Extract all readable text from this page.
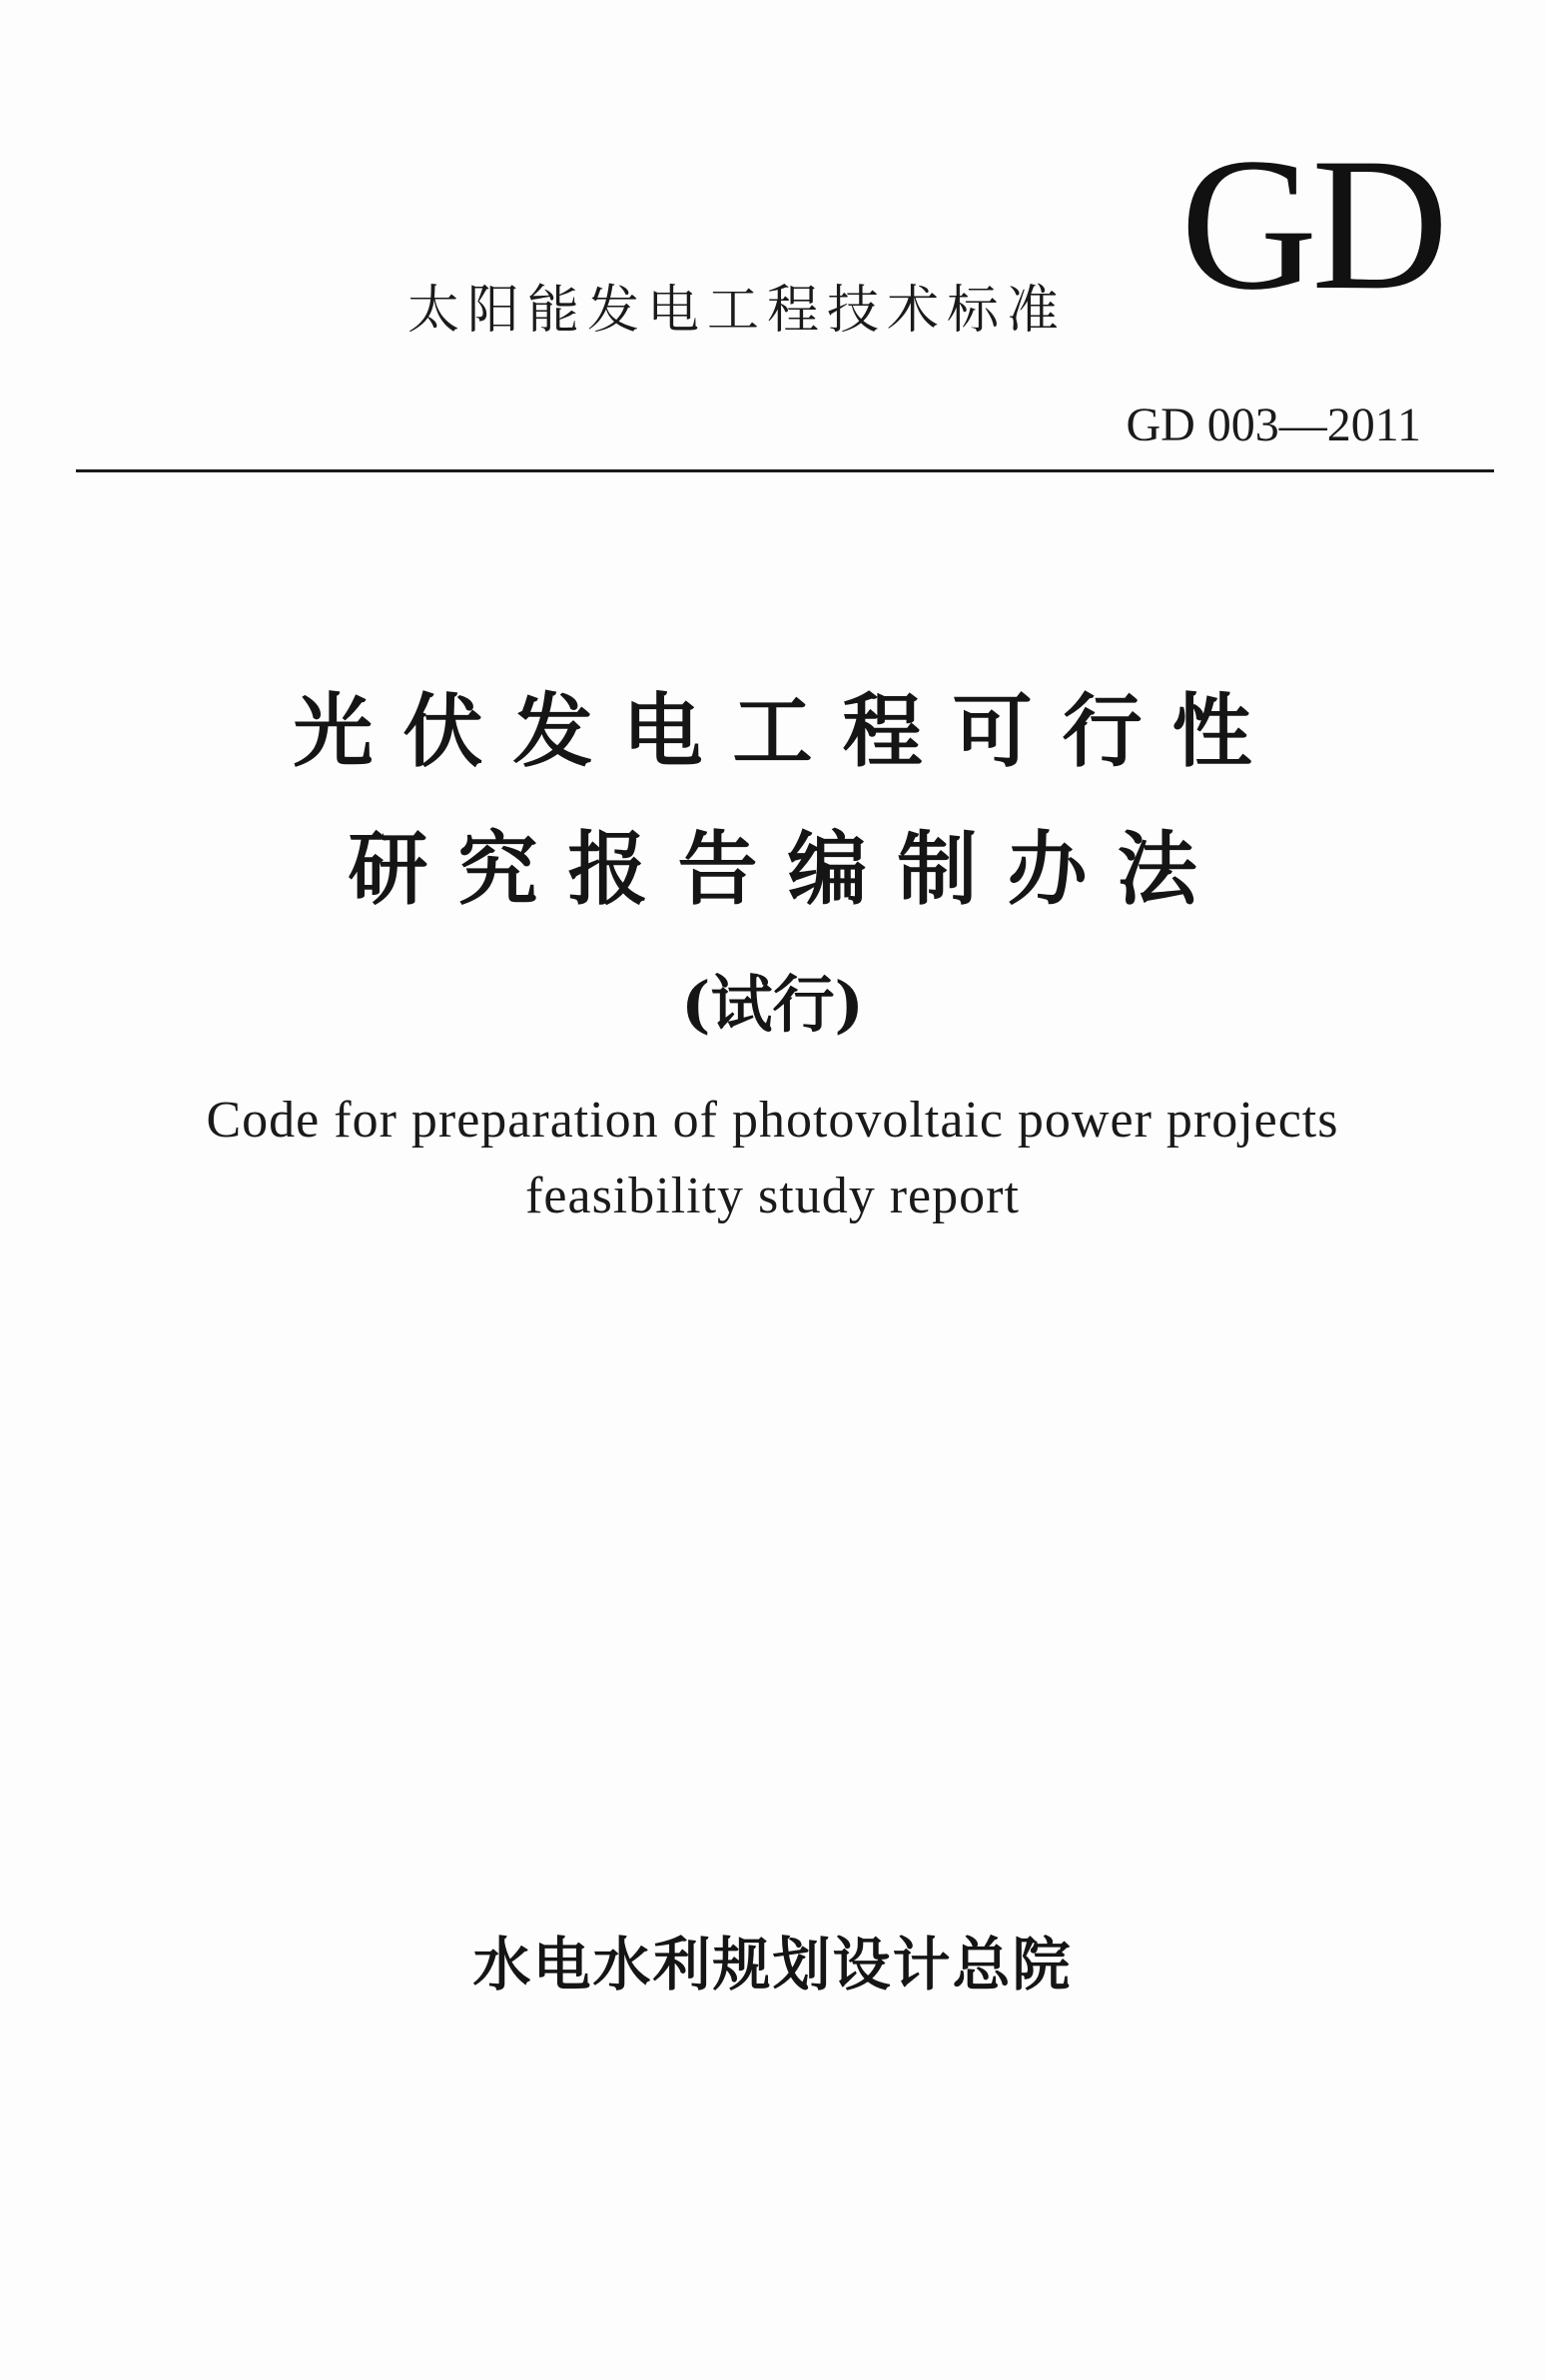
太阳能发电工程技术标准 GD
GD 003—2011
光伏发电工程可行性
研究报告编制办法
(试行)
Code for preparation of photovoltaic power projects
feasibility study report
水电水利规划设计总院
